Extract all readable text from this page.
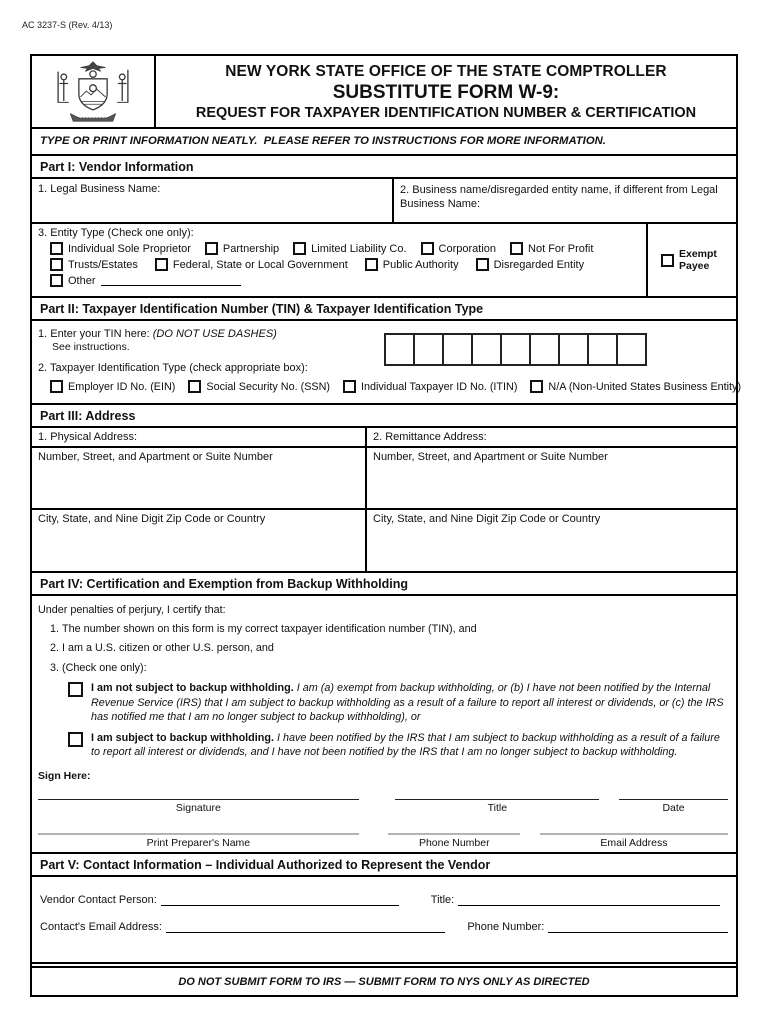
AC 3237-S (Rev. 4/13)
NEW YORK STATE OFFICE OF THE STATE COMPTROLLER
SUBSTITUTE FORM W-9:
REQUEST FOR TAXPAYER IDENTIFICATION NUMBER & CERTIFICATION
TYPE OR PRINT INFORMATION NEATLY.  PLEASE REFER TO INSTRUCTIONS FOR MORE INFORMATION.
Part I: Vendor Information
1. Legal Business Name:	2. Business name/disregarded entity name, if different from Legal Business Name:
3. Entity Type (Check one only):
Individual Sole Proprietor	Partnership	Limited Liability Co.	Corporation	Not For Profit
Trusts/Estates	Federal, State or Local Government	Public Authority	Disregarded Entity
Other
Exempt Payee
Part II: Taxpayer Identification Number (TIN) & Taxpayer Identification Type
1. Enter your TIN here: (DO NOT USE DASHES)
See instructions.
2. Taxpayer Identification Type (check appropriate box):
Employer ID No. (EIN)	Social Security No. (SSN)	Individual Taxpayer ID No. (ITIN)	N/A (Non-United States Business Entity)
Part III: Address
1. Physical Address:	2. Remittance Address:
Number, Street, and Apartment or Suite Number	Number, Street, and Apartment or Suite Number
City, State, and Nine Digit Zip Code or Country	City, State, and Nine Digit Zip Code or Country
Part IV: Certification and Exemption from Backup Withholding
Under penalties of perjury, I certify that:
1. The number shown on this form is my correct taxpayer identification number (TIN), and
2. I am a U.S. citizen or other U.S. person, and
3. (Check one only):

I am not subject to backup withholding. I am (a) exempt from backup withholding, or (b) I have not been notified by the Internal Revenue Service (IRS) that I am subject to backup withholding as a result of a failure to report all interest or dividends, or (c) the IRS has notified me that I am no longer subject to backup withholding), or

I am subject to backup withholding. I have been notified by the IRS that I am subject to backup withholding as a result of a failure to report all interest or dividends, and I have not been notified by the IRS that I am no longer subject to backup withholding.

Sign Here:
Signature	Title	Date
Print Preparer's Name	Phone Number	Email Address
Part V: Contact Information – Individual Authorized to Represent the Vendor
Vendor Contact Person:	Title:
Contact's Email Address:	Phone Number:
DO NOT SUBMIT FORM TO IRS — SUBMIT FORM TO NYS ONLY AS DIRECTED
